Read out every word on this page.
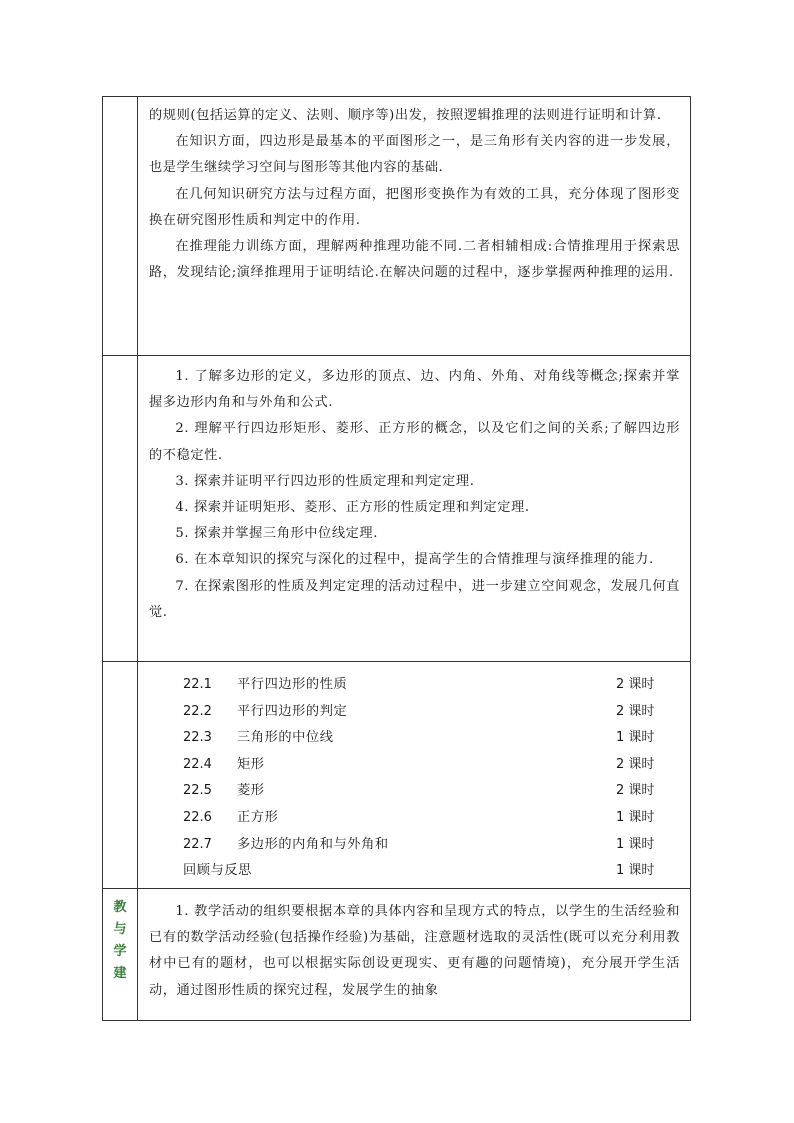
的规则(包括运算的定义、法则、顺序等)出发，按照逻辑推理的法则进行证明和计算.

在知识方面，四边形是最基本的平面图形之一，是三角形有关内容的进一步发展，也是学生继续学习空间与图形等其他内容的基础.

在几何知识研究方法与过程方面，把图形变换作为有效的工具，充分体现了图形变换在研究图形性质和判定中的作用.

在推理能力训练方面，理解两种推理功能不同.二者相辅相成:合情推理用于探索思路，发现结论;演绎推理用于证明结论.在解决问题的过程中，逐步掌握两种推理的运用.

1. 了解多边形的定义，多边形的顶点、边、内角、外角、对角线等概念;探索并掌握多边形内角和与外角和公式.

2. 理解平行四边形矩形、菱形、正方形的概念，以及它们之间的关系;了解四边形的不稳定性.

3. 探索并证明平行四边形的性质定理和判定定理.

4. 探索并证明矩形、菱形、正方形的性质定理和判定定理.

5. 探索并掌握三角形中位线定理.

6. 在本章知识的探究与深化的过程中，提高学生的合情推理与演绎推理的能力.

7. 在探索图形的性质及判定定理的活动过程中，进一步建立空间观念，发展几何直觉.

22.1	平行四边形的性质	2 课时
22.2	平行四边形的判定	2 课时
22.3	三角形的中位线	1 课时
22.4	矩形	2 课时
22.5	菱形	2 课时
22.6	正方形	1 课时
22.7	多边形的内角和与外角和	1 课时
回顾与反思	1 课时
教
与
学
建

1. 教学活动的组织要根据本章的具体内容和呈现方式的特点，以学生的生活经验和已有的数学活动经验(包括操作经验)为基础，注意题材选取的灵活性(既可以充分利用教材中已有的题材，也可以根据实际创设更现实、更有趣的问题情境)，充分展开学生活动，通过图形性质的探究过程，发展学生的抽象
